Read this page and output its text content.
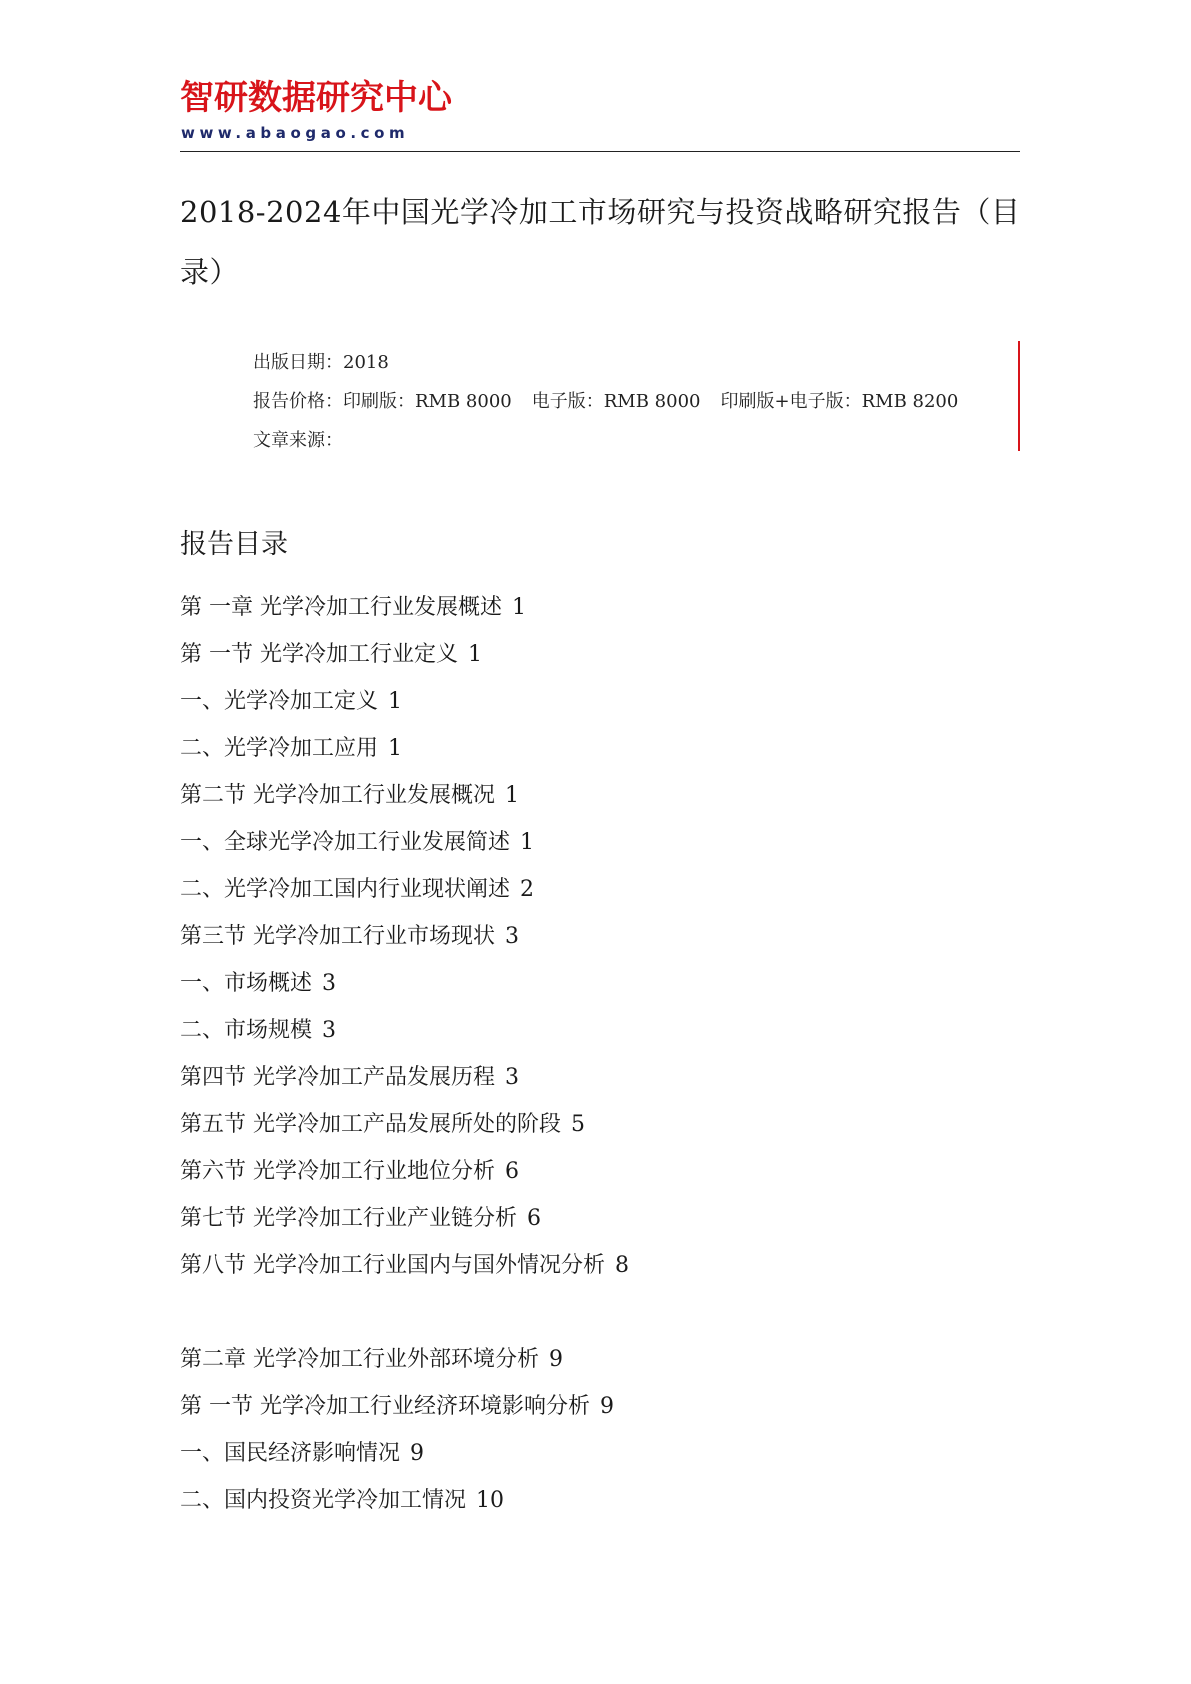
智研数据研究中心
www.abaogao.com
2018-2024年中国光学冷加工市场研究与投资战略研究报告（目录）
出版日期：2018
报告价格：印刷版：RMB 8000 电子版：RMB 8000 印刷版+电子版：RMB 8200
文章来源：
报告目录
第 一章 光学冷加工行业发展概述 1
第 一节 光学冷加工行业定义 1
一、光学冷加工定义 1
二、光学冷加工应用 1
第二节 光学冷加工行业发展概况 1
一、全球光学冷加工行业发展简述 1
二、光学冷加工国内行业现状阐述 2
第三节 光学冷加工行业市场现状 3
一、市场概述 3
二、市场规模 3
第四节 光学冷加工产品发展历程 3
第五节 光学冷加工产品发展所处的阶段 5
第六节 光学冷加工行业地位分析 6
第七节 光学冷加工行业产业链分析 6
第八节 光学冷加工行业国内与国外情况分析 8
第二章 光学冷加工行业外部环境分析 9
第 一节 光学冷加工行业经济环境影响分析 9
一、国民经济影响情况 9
二、国内投资光学冷加工情况 10
